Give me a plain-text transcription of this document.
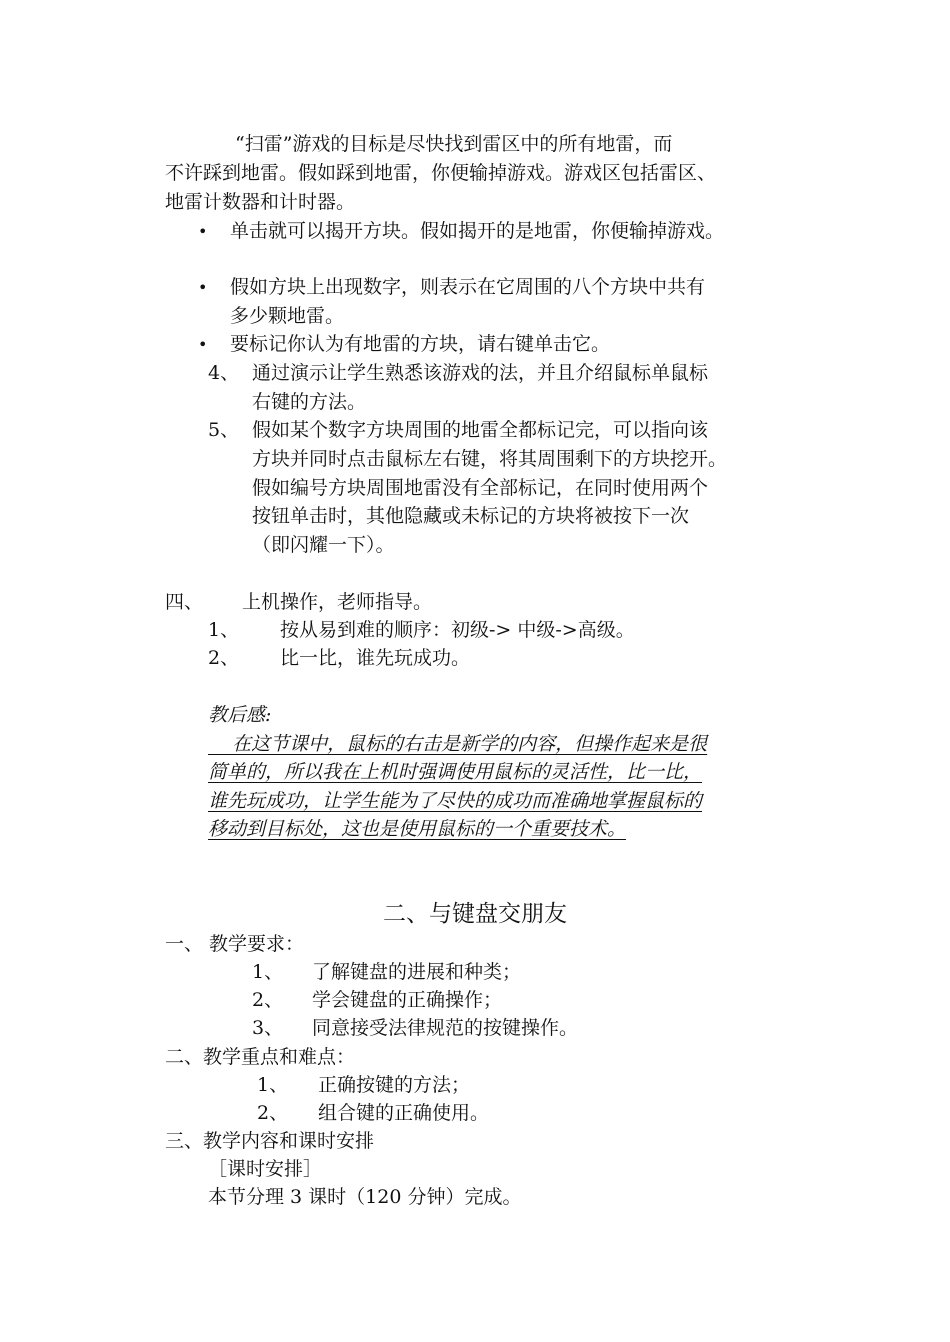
“扫雷”游戏的目标是尽快找到雷区中的所有地雷，而
不许踩到地雷。假如踩到地雷，你便输掉游戏。游戏区包括雷区、
地雷计数器和计时器。
• 单击就可以揭开方块。假如揭开的是地雷，你便输掉游戏。
• 假如方块上出现数字，则表示在它周围的八个方块中共有
多少颗地雷。
• 要标记你认为有地雷的方块，请右键单击它。
4、 通过演示让学生熟悉该游戏的法，并且介绍鼠标单鼠标
右键的方法。
5、 假如某个数字方块周围的地雷全都标记完，可以指向该
方块并同时点击鼠标左右键，将其周围剩下的方块挖开。
假如编号方块周围地雷没有全部标记，在同时使用两个
按钮单击时，其他隐藏或未标记的方块将被按下一次
（即闪耀一下）。
四、 上机操作，老师指导。
1、 按从易到难的顺序：初级-> 中级->高级。
2、 比一比，谁先玩成功。
教后感:
在这节课中，鼠标的右击是新学的内容，但操作起来是很
简单的，所以我在上机时强调使用鼠标的灵活性，比一比，
谁先玩成功，让学生能为了尽快的成功而准确地掌握鼠标的
移动到目标处，这也是使用鼠标的一个重要技术。
二、与键盘交朋友
一、 教学要求：
1、 了解键盘的进展和种类；
2、 学会键盘的正确操作；
3、 同意接受法律规范的按键操作。
二、教学重点和难点：
1、 正确按键的方法；
2、 组合键的正确使用。
三、教学内容和课时安排
［课时安排］
本节分理 3 课时（120 分钟）完成。
